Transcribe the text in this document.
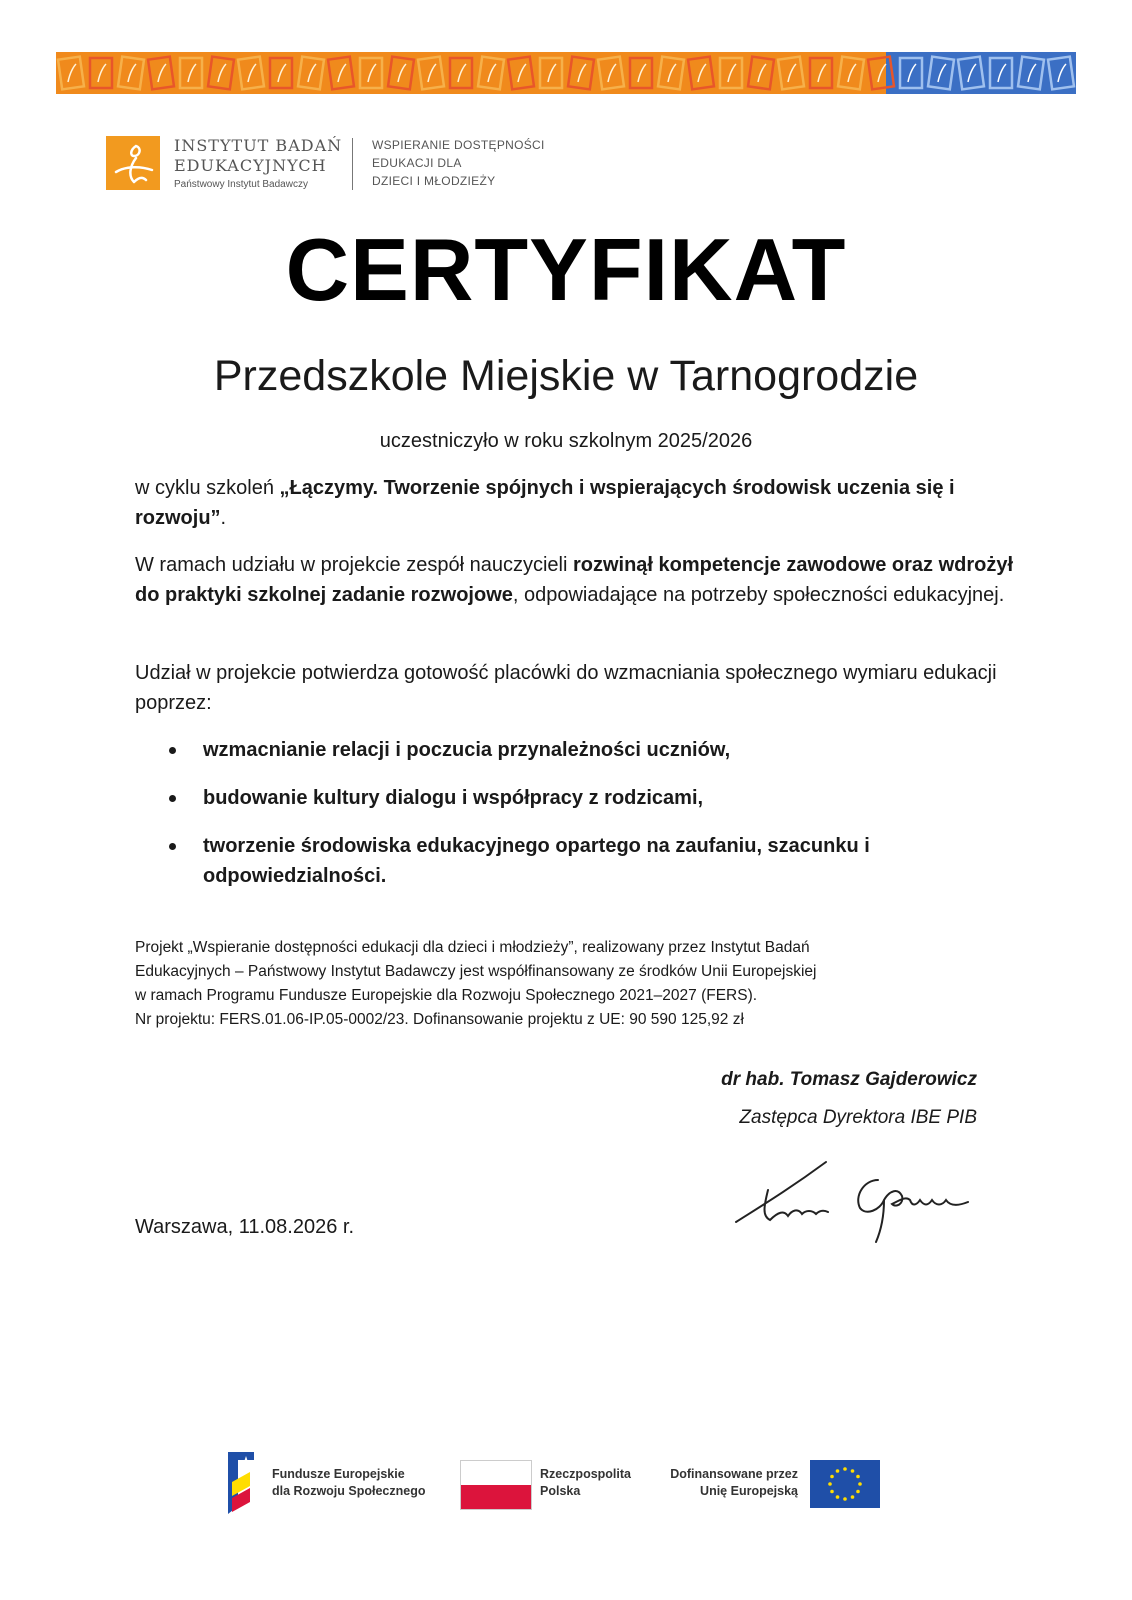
INSTYTUT BADAŃ
EDUKACYJNYCH
Państwowy Instytut Badawczy
WSPIERANIE DOSTĘPNOŚCI
EDUKACJI DLA
DZIECI I MŁODZIEŻY
CERTYFIKAT
Przedszkole Miejskie w Tarnogrodzie
uczestniczyło w roku szkolnym 2025/2026

w cyklu szkoleń „Łączymy. Tworzenie spójnych i wspierających środowisk uczenia się i rozwoju”.

W ramach udziału w projekcie zespół nauczycieli rozwinął kompetencje zawodowe oraz wdrożył do praktyki szkolnej zadanie rozwojowe, odpowiadające na potrzeby społeczności edukacyjnej.

Udział w projekcie potwierdza gotowość placówki do wzmacniania społecznego wymiaru edukacji poprzez:

wzmacnianie relacji i poczucia przynależności uczniów,
budowanie kultury dialogu i współpracy z rodzicami,
tworzenie środowiska edukacyjnego opartego na zaufaniu, szacunku i odpowiedzialności.

Projekt „Wspieranie dostępności edukacji dla dzieci i młodzieży”, realizowany przez Instytut Badań
Edukacyjnych – Państwowy Instytut Badawczy jest współfinansowany ze środków Unii Europejskiej
w ramach Programu Fundusze Europejskie dla Rozwoju Społecznego 2021–2027 (FERS).
Nr projektu: FERS.01.06-IP.05-0002/23. Dofinansowanie projektu z UE: 90 590 125,92 zł

dr hab. Tomasz Gajderowicz
Zastępca Dyrektora IBE PIB
Warszawa, 11.08.2026 r.
Fundusze Europejskie
dla Rozwoju Społecznego
Rzeczpospolita
Polska
Dofinansowane przez
Unię Europejską
